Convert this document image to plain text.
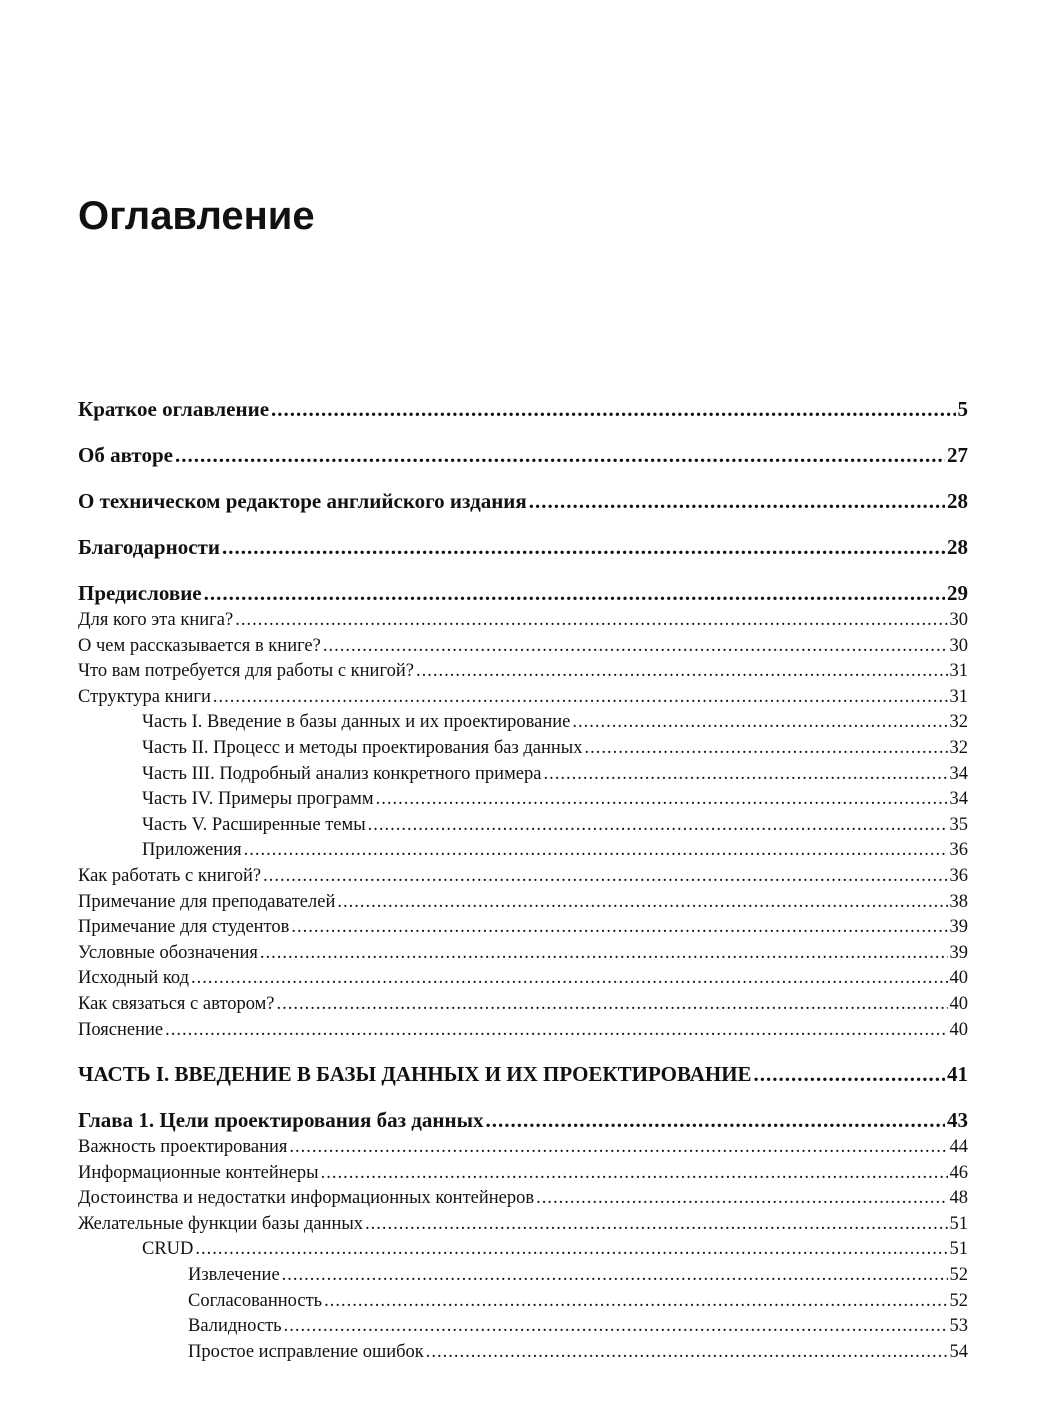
Оглавление
Краткое оглавление .....	5
Об авторе .....	27
О техническом редакторе английского издания .....	28
Благодарности .....	28
Предисловие .....	29
Для кого эта книга? .....	30
О чем рассказывается в книге? .....	30
Что вам потребуется для работы с книгой? .....	31
Структура книги .....	31
Часть I. Введение в базы данных и их проектирование .....	32
Часть II. Процесс и методы проектирования баз данных .....	32
Часть III. Подробный анализ конкретного примера .....	34
Часть IV. Примеры программ .....	34
Часть V. Расширенные темы .....	35
Приложения .....	36
Как работать с книгой? .....	36
Примечание для преподавателей .....	38
Примечание для студентов .....	39
Условные обозначения .....	39
Исходный код .....	40
Как связаться с автором? .....	40
Пояснение .....	40
ЧАСТЬ I. ВВЕДЕНИЕ В БАЗЫ ДАННЫХ И ИХ ПРОЕКТИРОВАНИЕ .....	41
Глава 1. Цели проектирования баз данных .....	43
Важность проектирования .....	44
Информационные контейнеры .....	46
Достоинства и недостатки информационных контейнеров .....	48
Желательные функции базы данных .....	51
CRUD .....	51
Извлечение .....	52
Согласованность .....	52
Валидность .....	53
Простое исправление ошибок .....	54
